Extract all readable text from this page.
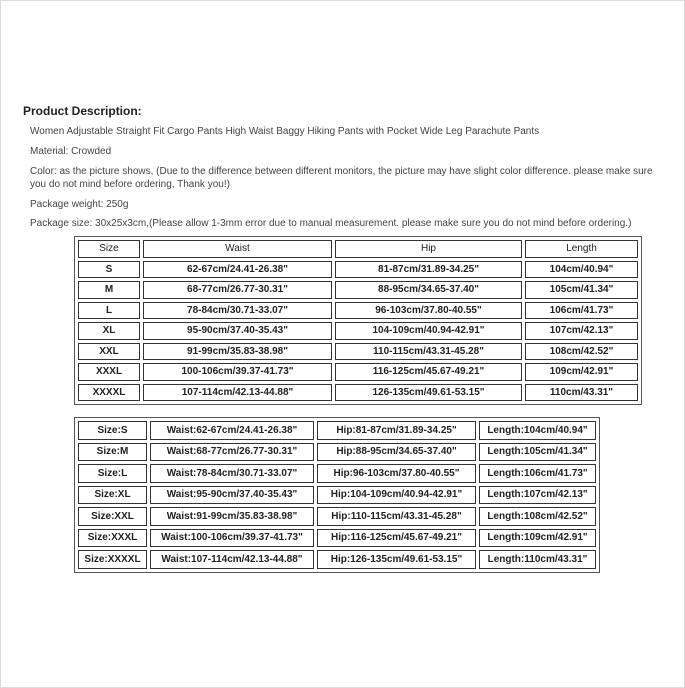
Product Description:
Women Adjustable Straight Fit Cargo Pants High Waist Baggy Hiking Pants with Pocket Wide Leg Parachute Pants
Material: Crowded
Color: as the picture shows, (Due to the difference between different monitors, the picture may have slight color difference. please make sure
you do not mind before ordering, Thank you!)
Package weight: 250g
Package size: 30x25x3cm,(Please allow 1-3mm error due to manual measurement. please make sure you do not mind before ordering.)
Size	Waist	Hip	Length
S	62-67cm/24.41-26.38"	81-87cm/31.89-34.25"	104cm/40.94"
M	68-77cm/26.77-30.31"	88-95cm/34.65-37.40"	105cm/41.34"
L	78-84cm/30.71-33.07"	96-103cm/37.80-40.55"	106cm/41.73"
XL	95-90cm/37.40-35.43"	104-109cm/40.94-42.91"	107cm/42.13"
XXL	91-99cm/35.83-38.98"	110-115cm/43.31-45.28"	108cm/42.52"
XXXL	100-106cm/39.37-41.73"	116-125cm/45.67-49.21"	109cm/42.91"
XXXXL	107-114cm/42.13-44.88"	126-135cm/49.61-53.15"	110cm/43.31"
Size:S	Waist:62-67cm/24.41-26.38"	Hip:81-87cm/31.89-34.25"	Length:104cm/40.94"
Size:M	Waist:68-77cm/26.77-30.31"	Hip:88-95cm/34.65-37.40"	Length:105cm/41.34"
Size:L	Waist:78-84cm/30.71-33.07"	Hip:96-103cm/37.80-40.55"	Length:106cm/41.73"
Size:XL	Waist:95-90cm/37.40-35.43"	Hip:104-109cm/40.94-42.91"	Length:107cm/42.13"
Size:XXL	Waist:91-99cm/35.83-38.98"	Hip:110-115cm/43.31-45.28"	Length:108cm/42.52"
Size:XXXL	Waist:100-106cm/39.37-41.73"	Hip:116-125cm/45.67-49.21"	Length:109cm/42.91"
Size:XXXXL	Waist:107-114cm/42.13-44.88"	Hip:126-135cm/49.61-53.15"	Length:110cm/43.31"
